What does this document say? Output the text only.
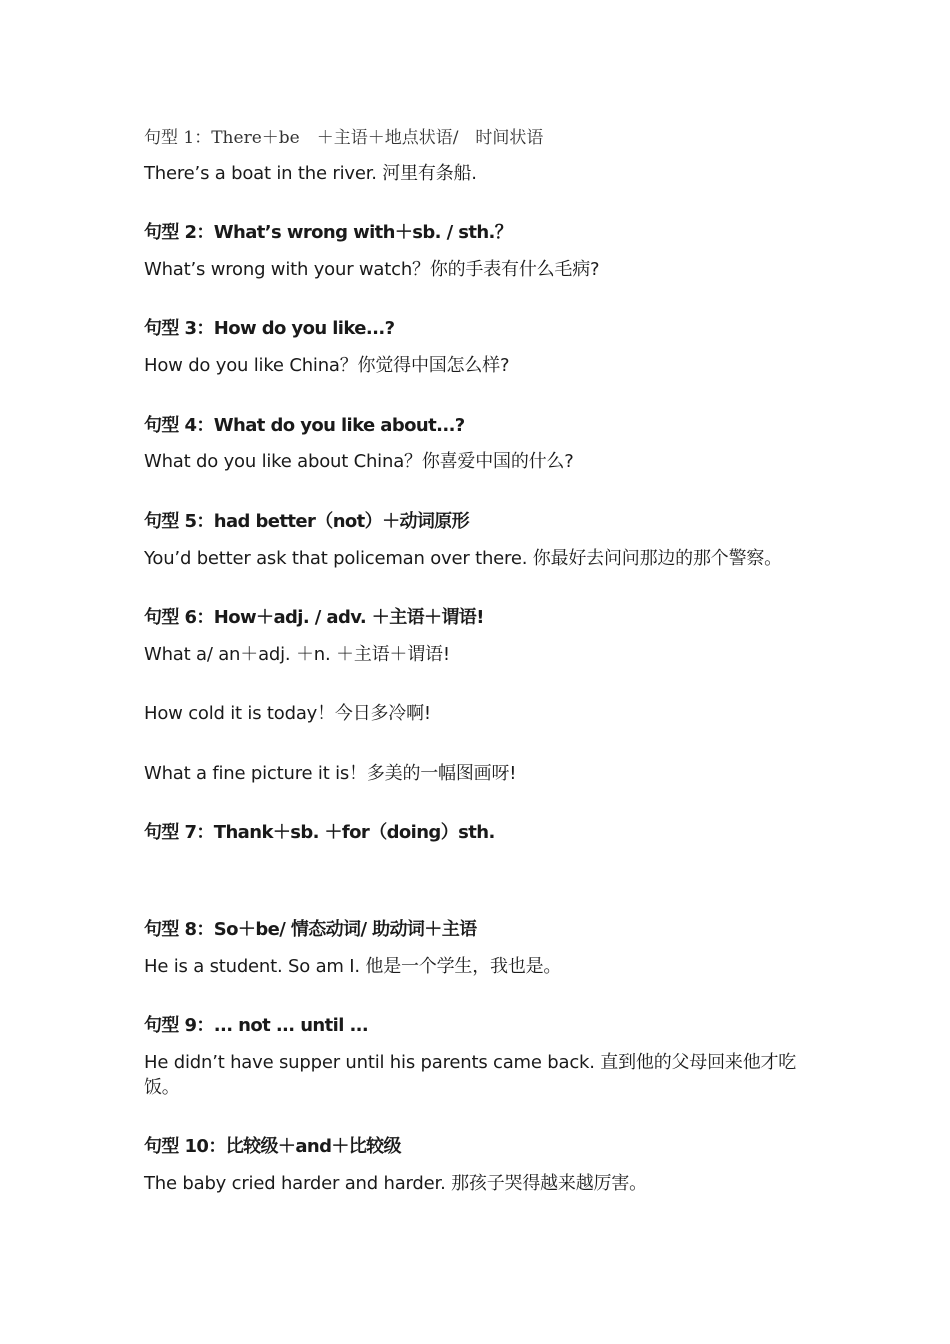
句型 1：There＋be　＋主语＋地点状语/　时间状语
There’s a boat in the river. 河里有条船.
句型 2：What’s wrong with＋sb. / sth.？
What’s wrong with your watch？你的手表有什么毛病?
句型 3：How do you like...?
How do you like China？你觉得中国怎么样?
句型 4：What do you like about...?
What do you like about China？你喜爱中国的什么?
句型 5：had better（not）＋动词原形
You’d better ask that policeman over there. 你最好去问问那边的那个警察。
句型 6：How＋adj. / adv. ＋主语＋谓语!
What a/ an＋adj. ＋n. ＋主语＋谓语!
How cold it is today！今日多冷啊!
What a fine picture it is！多美的一幅图画呀!
句型 7：Thank＋sb. ＋for（doing）sth.
句型 8：So＋be/ 情态动词/ 助动词＋主语
He is a student. So am I. 他是一个学生，我也是。
句型 9：... not ... until ...
He didn’t have supper until his parents came back. 直到他的父母回来他才吃饭。
句型 10：比较级＋and＋比较级
The baby cried harder and harder. 那孩子哭得越来越厉害。
